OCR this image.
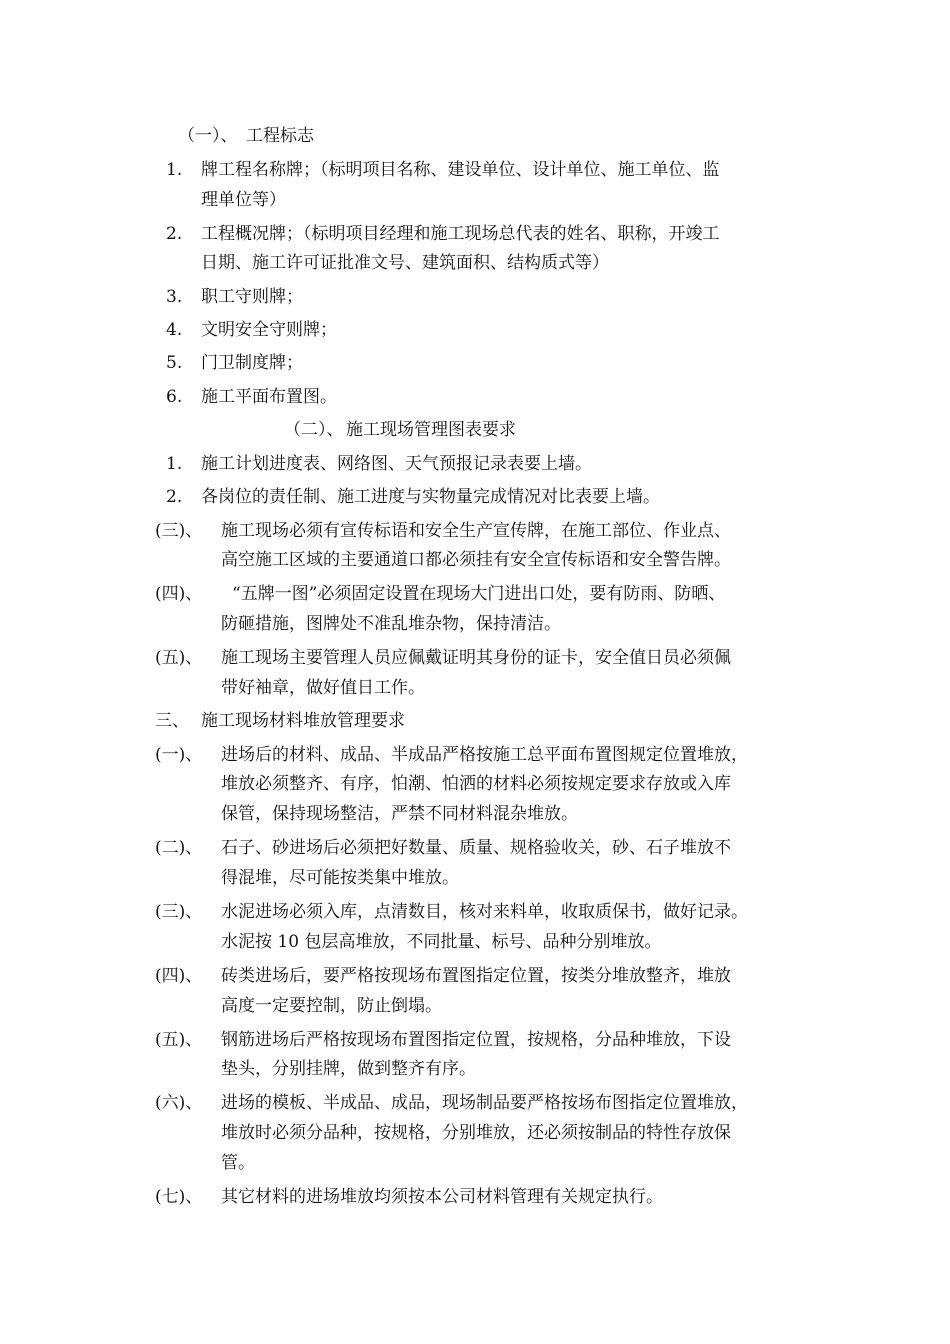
（一）、 工程标志
1. 牌工程名称牌；（标明项目名称、建设单位、设计单位、施工单位、监
理单位等）
2. 工程概况牌；（标明项目经理和施工现场总代表的姓名、职称，开竣工
日期、施工许可证批准文号、建筑面积、结构质式等）
3. 职工守则牌；
4. 文明安全守则牌；
5. 门卫制度牌；
6. 施工平面布置图。
（二）、 施工现场管理图表要求
1. 施工计划进度表、网络图、天气预报记录表要上墙。
2. 各岗位的责任制、施工进度与实物量完成情况对比表要上墙。
(三)、 施工现场必须有宣传标语和安全生产宣传牌，在施工部位、作业点、
高空施工区域的主要通道口都必须挂有安全宣传标语和安全警告牌。
(四)、 “五牌一图”必须固定设置在现场大门进出口处，要有防雨、防晒、
防砸措施，图牌处不准乱堆杂物，保持清洁。
(五)、 施工现场主要管理人员应佩戴证明其身份的证卡，安全值日员必须佩
带好袖章，做好值日工作。
三、 施工现场材料堆放管理要求
(一)、 进场后的材料、成品、半成品严格按施工总平面布置图规定位置堆放，
堆放必须整齐、有序，怕潮、怕洒的材料必须按规定要求存放或入库
保管，保持现场整洁，严禁不同材料混杂堆放。
(二)、 石子、砂进场后必须把好数量、质量、规格验收关，砂、石子堆放不
得混堆，尽可能按类集中堆放。
(三)、 水泥进场必须入库，点清数目，核对来料单，收取质保书，做好记录。
水泥按 10 包层高堆放，不同批量、标号、品种分别堆放。
(四)、 砖类进场后，要严格按现场布置图指定位置，按类分堆放整齐，堆放
高度一定要控制，防止倒塌。
(五)、 钢筋进场后严格按现场布置图指定位置，按规格，分品种堆放，下设
垫头，分别挂牌，做到整齐有序。
(六)、 进场的模板、半成品、成品，现场制品要严格按场布图指定位置堆放，
堆放时必须分品种，按规格，分别堆放，还必须按制品的特性存放保
管。
(七)、 其它材料的进场堆放均须按本公司材料管理有关规定执行。
